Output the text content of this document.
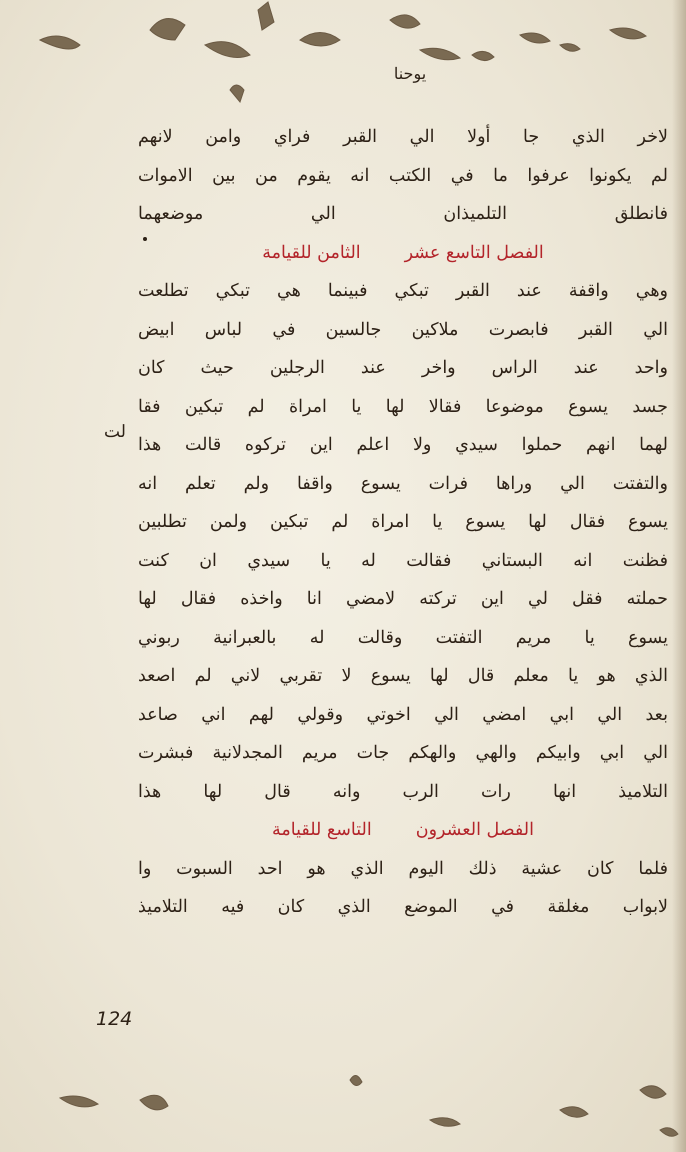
يوحنا
لاخر الذي جا أولا الي القبر فراي وامن لانهم
لم يكونوا عرفوا ما في الكتب انه يقوم من بين الاموات
فانطلق التلميذان الي موضعهما
الفصل التاسع عشرالثامن للقيامة
وهي واقفة عند القبر تبكي فبينما هي تبكي تطلعت
الي القبر فابصرت ملاكين جالسين في لباس ابيض
واحد عند الراس واخر عند الرجلين حيث كان
جسد يسوع موضوعا فقالا لها يا امراة لم تبكين فقا
لهما انهم حملوا سيدي ولا اعلم اين تركوه قالت هذا
والتفتت الي وراها فرات يسوع واقفا ولم تعلم انه
يسوع فقال لها يسوع يا امراة لم تبكين ولمن تطلبين
فظنت انه البستاني فقالت له يا سيدي ان كنت
حملته فقل لي اين تركته لامضي انا واخذه فقال لها
يسوع يا مريم التفتت وقالت له بالعبرانية ربوني
الذي هو يا معلم قال لها يسوع لا تقربي لاني لم اصعد
بعد الي ابي امضي الي اخوتي وقولي لهم اني صاعد
الي ابي وابيكم والهي والهكم جات مريم المجدلانية فبشرت
التلاميذ انها رات الرب وانه قال لها هذا
الفصل العشرونالتاسع للقيامة
فلما كان عشية ذلك اليوم الذي هو احد السبوت وا
لابواب مغلقة في الموضع الذي كان فيه التلاميذ
لت
124
